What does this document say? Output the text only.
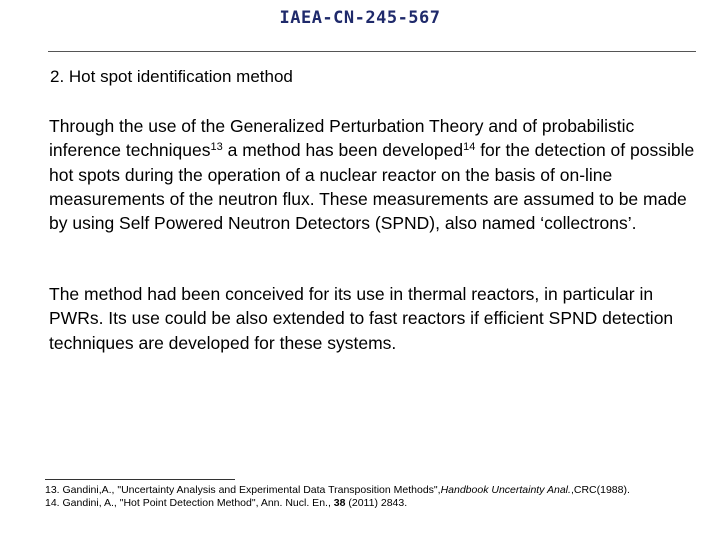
IAEA-CN-245-567
2. Hot spot identification method

Through the use of the Generalized Perturbation Theory and of probabilistic inference techniques$^{13}$ a method has been developed$^{14}$ for the detection of possible hot spots during the operation of a nuclear reactor on the basis of on-line measurements of the neutron flux. These measurements are assumed to be made by using Self Powered Neutron Detectors (SPND), also named ‘collectrons’.

The method had been conceived for its use in thermal reactors, in particular in PWRs. Its use could be also extended to fast reactors if efficient SPND detection techniques are developed for these systems.

13. Gandini,A., "Uncertainty Analysis and Experimental Data Transposition Methods",Handbook Uncertainty Anal.,CRC(1988).
14. Gandini, A., "Hot Point Detection Method", Ann. Nucl. En., 38 (2011) 2843.
